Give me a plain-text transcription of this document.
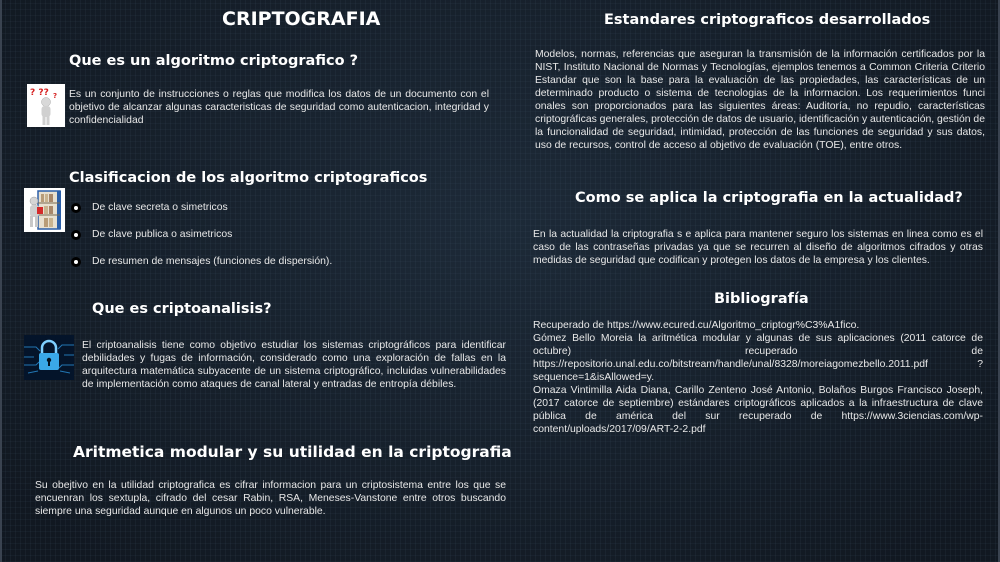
CRIPTOGRAFIA
Que es un algoritmo criptografico ?
? ?? ? Es un conjunto de instrucciones o reglas que modifica los datos de un documento con el objetivo de alcanzar algunas caracteristicas de seguridad como autenticacion, integridad y confidencialidad
Clasificacion de los algoritmo criptograficos
De clave secreta o simetricos
De clave publica o asimetricos
De resumen de mensajes (funciones de dispersión).
Que es criptoanalisis?
El criptoanalisis tiene como objetivo estudiar los sistemas criptográficos para identificar debilidades y fugas de información, considerado como una exploración de fallas en la arquitectura matemática subyacente de un sistema criptográfico, incluidas vulnerabilidades de implementación como ataques de canal lateral y entradas de entropía débiles.
Aritmetica modular y su utilidad en la criptografia
Su obejtivo en la utilidad criptografica es cifrar informacion para un criptosistema entre los que se encuenran los sextupla, cifrado del cesar Rabin, RSA, Meneses-Vanstone entre otros buscando siempre una seguridad aunque en algunos un poco vulnerable.
Estandares criptograficos desarrollados
Modelos, normas, referencias que aseguran la transmisión de la información certificados por la NIST, Instituto Nacional de Normas y Tecnologías, ejemplos tenemos a Common Criteria Criterio Estandar que son la base para la evaluación de las propiedades, las características de un determinado producto o sistema de tecnologias de la informacion. Los requerimientos funci onales son proporcionados para las siguientes áreas: Auditoría, no repudio, características criptográficas generales, protección de datos de usuario, identificación y autenticación, gestión de la funcionalidad de seguridad, intimidad, protección de las funciones de seguridad y sus datos, uso de recursos, control de acceso al objetivo de evaluación (TOE), entre otros.
Como se aplica la criptografia en la actualidad?
En la actualidad la criptografia s e aplica para mantener seguro los sistemas en linea como es el caso de las contraseñas privadas ya que se recurren al diseño de algoritmos cifrados y otras medidas de seguridad que codifican y protegen los datos de la empresa y los clientes.
Bibliografía

Recuperado de https://www.ecured.cu/Algoritmo_criptogr%C3%A1fico.

Gómez Bello Moreia la aritmética modular y algunas de sus aplicaciones (2011 catorce de octubre) recuperado de https://repositorio.unal.edu.co/bitstream/handle/unal/8328/moreiagomezbello.2011.pdf ?sequence=1&isAllowed=y.

Omaza Vintimilla Aida Diana, Carillo Zenteno José Antonio, Bolaños Burgos Francisco Joseph, (2017 catorce de septiembre) estándares criptográficos aplicados a la infraestructura de clave pública de américa del sur recuperado de https://www.3ciencias.com/wp-content/uploads/2017/09/ART-2-2.pdf
